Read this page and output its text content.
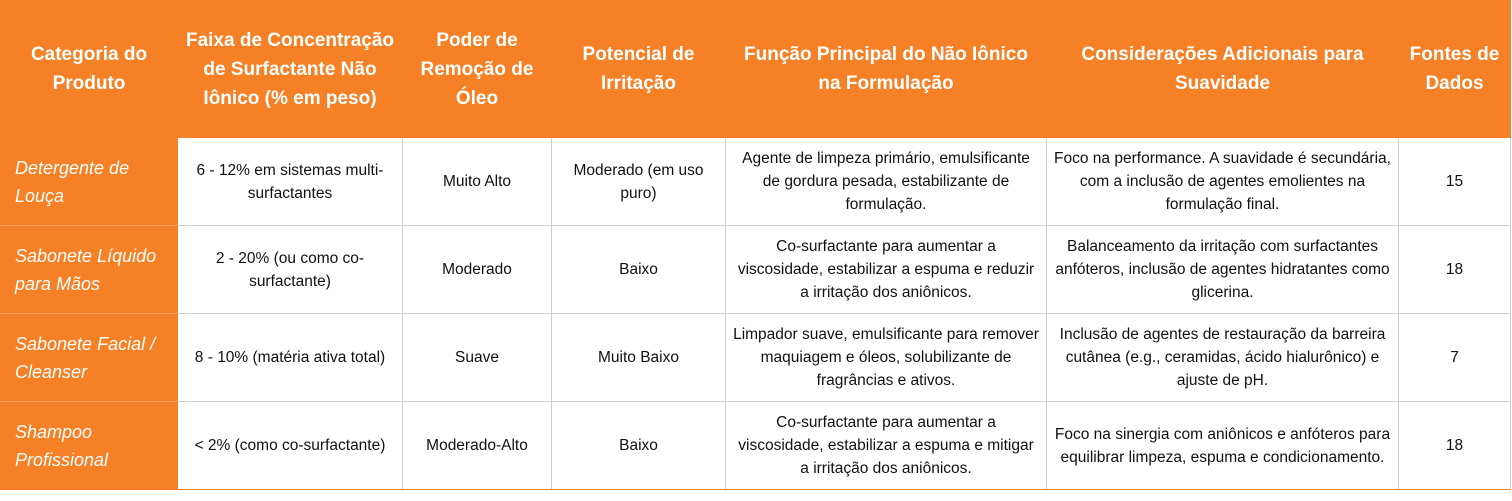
Categoria do Produto	Faixa de Concentração de Surfactante Não Iônico (% em peso)	Poder de Remoção de Óleo	Potencial de Irritação	Função Principal do Não Iônico na Formulação	Considerações Adicionais para Suavidade	Fontes de Dados
Detergente de Louça	6 - 12% em sistemas multi-surfactantes	Muito Alto	Moderado (em uso puro)	Agente de limpeza primário, emulsificante de gordura pesada, estabilizante de formulação.	Foco na performance. A suavidade é secundária, com a inclusão de agentes emolientes na formulação final.	15
Sabonete Líquido para Mãos	2 - 20% (ou como co-surfactante)	Moderado	Baixo	Co-surfactante para aumentar a viscosidade, estabilizar a espuma e reduzir a irritação dos aniônicos.	Balanceamento da irritação com surfactantes anfóteros, inclusão de agentes hidratantes como glicerina.	18
Sabonete Facial / Cleanser	8 - 10% (matéria ativa total)	Suave	Muito Baixo	Limpador suave, emulsificante para remover maquiagem e óleos, solubilizante de fragrâncias e ativos.	Inclusão de agentes de restauração da barreira cutânea (e.g., ceramidas, ácido hialurônico) e ajuste de pH.	7
Shampoo Profissional	< 2% (como co-surfactante)	Moderado-Alto	Baixo	Co-surfactante para aumentar a viscosidade, estabilizar a espuma e mitigar a irritação dos aniônicos.	Foco na sinergia com aniônicos e anfóteros para equilibrar limpeza, espuma e condicionamento.	18
